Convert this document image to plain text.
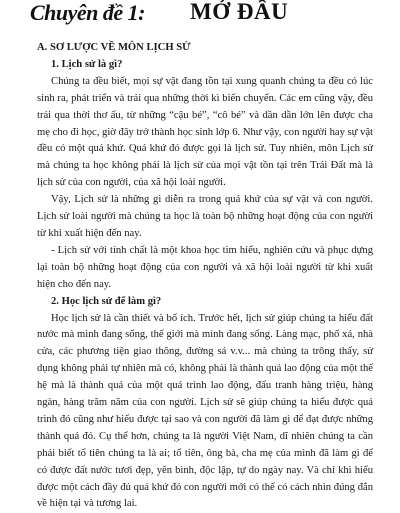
Chuyên đề 1: MỞ ĐẦU

A. SƠ LƯỢC VỀ MÔN LỊCH SỬ

1. Lịch sử là gì?

Chúng ta đều biết, mọi sự vật đang tồn tại xung quanh chúng ta đều có lúc sinh ra, phát triển và trải qua những thời kì biến chuyển. Các em cũng vậy, đều trải qua thời thơ ấu, từ những “cậu bé”, “cô bé” và dần dần lớn lên được cha mẹ cho đi học, giờ đây trở thành học sinh lớp 6. Như vậy, con người hay sự vật đều có một quá khứ. Quá khứ đó được gọi là lịch sử. Tuy nhiên, môn Lịch sử mà chúng ta học không phải là lịch sử của mọi vật tồn tại trên Trái Đất mà là lịch sử của con người, của xã hội loài người.

Vậy, Lịch sử là những gì diễn ra trong quá khứ của sự vật và con người. Lịch sử loài người mà chúng ta học là toàn bộ những hoạt động của con người từ khi xuất hiện đến nay.

- Lịch sử với tính chất là một khoa học tìm hiểu, nghiên cứu và phục dựng lại toàn bộ những hoạt động của con người và xã hội loài người từ khi xuất hiện cho đến nay.

2. Học lịch sử để làm gì?

Học lịch sử là cần thiết và bổ ích. Trước hết, lịch sử giúp chúng ta hiểu đất nước mà mình đang sống, thế giới mà mình đang sống. Làng mạc, phố xá, nhà cửa, các phương tiện giao thông, đường sá v.v... mà chúng ta trông thấy, sử dụng không phải tự nhiên mà có, không phải là thành quả lao động của một thế hệ mà là thành quả của một quá trình lao động, đấu tranh hàng triệu, hàng ngàn, hàng trăm năm của con người. Lịch sử sẽ giúp chúng ta hiểu được quá trình đó cũng như hiểu được tại sao và con người đã làm gì để đạt được những thành quả đó. Cụ thể hơn, chúng ta là người Việt Nam, dĩ nhiên chúng ta cần phải biết tổ tiên chúng ta là ai; tổ tiên, ông bà, cha mẹ của mình đã làm gì để có được đất nước tươi đẹp, yên bình, độc lập, tự do ngày nay. Và chỉ khi hiểu được một cách đầy đủ quá khứ đó con người mới có thể có cách nhìn đúng đắn về hiện tại và tương lai.
